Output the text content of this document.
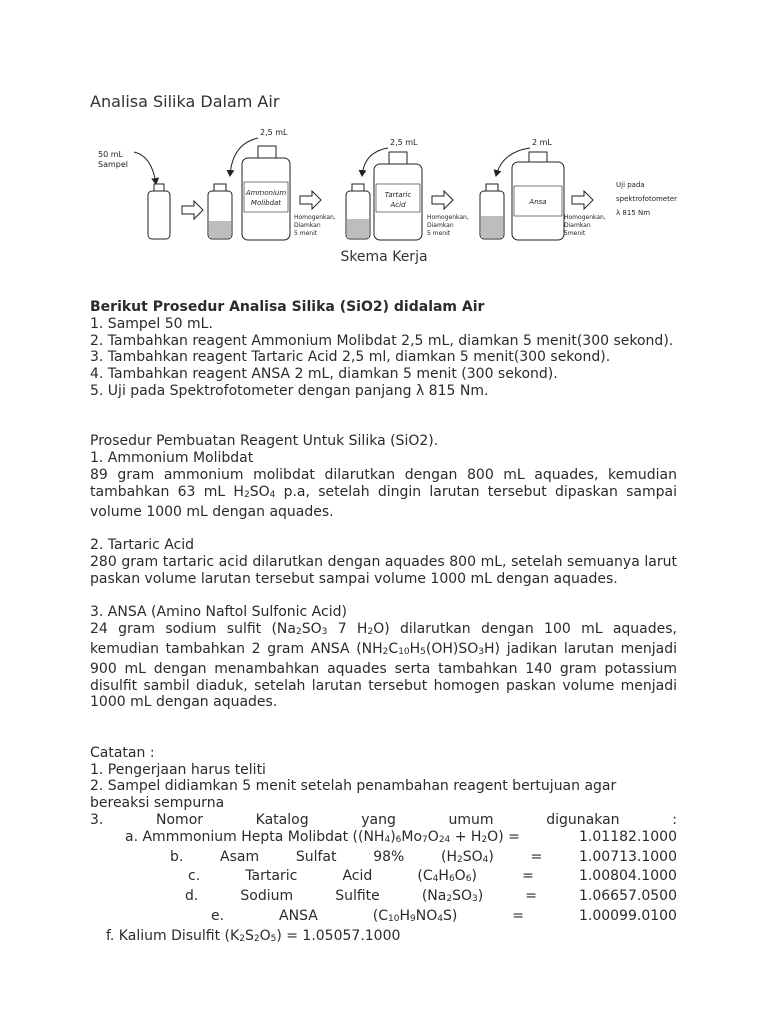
Analisa Silika Dalam Air
50 mL
Sampel
2,5 mL
Ammonium
Molibdat
Homogenkan,
Diamkan
5 menit
2,5 mL
Tartaric
Acid
Homogenkan,
Diamkan
5 menit
2 mL
Ansa
Homogenkan,
Diamkan
5menit
Uji pada
spektrofotometer
λ 815 Nm
Skema Kerja

Berikut Prosedur Analisa Silika (SiO2) didalam Air

1. Sampel 50 mL.

2. Tambahkan reagent Ammonium Molibdat 2,5 mL, diamkan 5 menit(300 sekond).

3. Tambahkan reagent Tartaric Acid 2,5 ml, diamkan 5 menit(300 sekond).

4. Tambahkan reagent ANSA 2 mL, diamkan 5 menit (300 sekond).

5. Uji pada Spektrofotometer dengan panjang λ 815 Nm.

Prosedur Pembuatan Reagent Untuk Silika (SiO2).

1. Ammonium Molibdat

89 gram ammonium molibdat dilarutkan dengan 800 mL aquades, kemudian tambahkan 63 mL H2SO4 p.a, setelah dingin larutan tersebut dipaskan sampai volume 1000 mL dengan aquades.

2. Tartaric Acid

280 gram tartaric acid dilarutkan dengan aquades 800 mL, setelah semuanya larut paskan volume larutan tersebut sampai volume 1000 mL dengan aquades.

3. ANSA (Amino Naftol Sulfonic Acid)

24 gram sodium sulfit (Na2SO3 7 H2O) dilarutkan dengan 100 mL aquades, kemudian tambahkan 2 gram ANSA (NH2C10H5(OH)SO3H) jadikan larutan menjadi 900 mL dengan menambahkan aquades serta tambahkan 140 gram potassium disulfit sambil diaduk, setelah larutan tersebut homogen paskan volume menjadi 1000 mL dengan aquades.

Catatan :

1. Pengerjaan harus teliti

2. Sampel didiamkan 5 menit setelah penambahan reagent bertujuan agar bereaksi sempurna

3.	Nomor	Katalog	yang	umum	digunakan	:
a. Ammmonium Hepta Molibdat ((NH4)6Mo7O24 + H2O) =	1.01182.1000
b.	Asam	Sulfat	98%	(H2SO4)	=	1.00713.1000
c.	Tartaric	Acid	(C4H6O6)	=	1.00804.1000
d.	Sodium	Sulfite	(Na2SO3)	=	1.06657.0500
e.	ANSA	(C10H9NO4S)	=	1.00099.0100

f. Kalium Disulfit (K2S2O5) = 1.05057.1000
